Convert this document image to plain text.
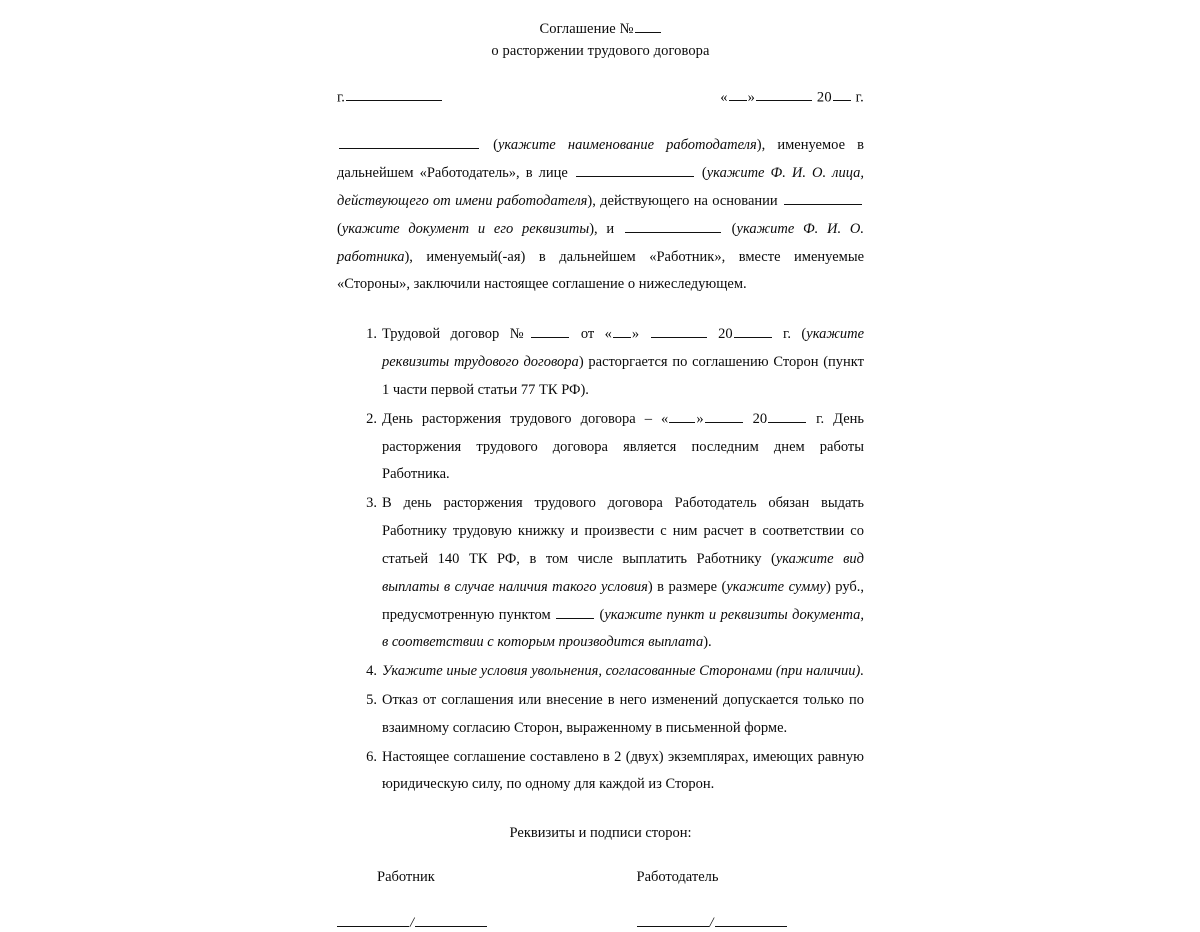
Соглашение №
о расторжении трудового договора
г.	« »	20 г.

(укажите наименование работодателя), именуемое в дальнейшем «Работодатель», в лице	(укажите Ф. И. О. лица, действующего от имени работодателя), действующего на основании  (укажите документ и его реквизиты), и	(укажите Ф. И. О. работника), именуемый(-ая) в дальнейшем «Работник», вместе именуемые «Стороны», заключили настоящее соглашение о нижеследующем.

Трудовой договор №	от « »	20	г. (укажите реквизиты трудового договора) расторгается по соглашению Сторон (пункт 1 части первой статьи 77 ТК РФ).
День расторжения трудового договора – « »	20	г. День расторжения трудового договора является последним днем работы Работника.
В день расторжения трудового договора Работодатель обязан выдать Работнику трудовую книжку и произвести с ним расчет в соответствии со статьей 140 ТК РФ, в том числе выплатить Работнику (укажите вид выплаты в случае наличия такого условия) в размере (укажите сумму) руб., предусмотренную пунктом	(укажите пункт и реквизиты документа, в соответствии с которым производится выплата).
Укажите иные условия увольнения, согласованные Сторонами (при наличии).
Отказ от соглашения или внесение в него изменений допускается только по взаимному согласию Сторон, выраженному в письменной форме.
Настоящее соглашение составлено в 2 (двух) экземплярах, имеющих равную юридическую силу, по одному для каждой из Сторон.
Реквизиты и подписи сторон:
Работник	Работодатель
/	/
